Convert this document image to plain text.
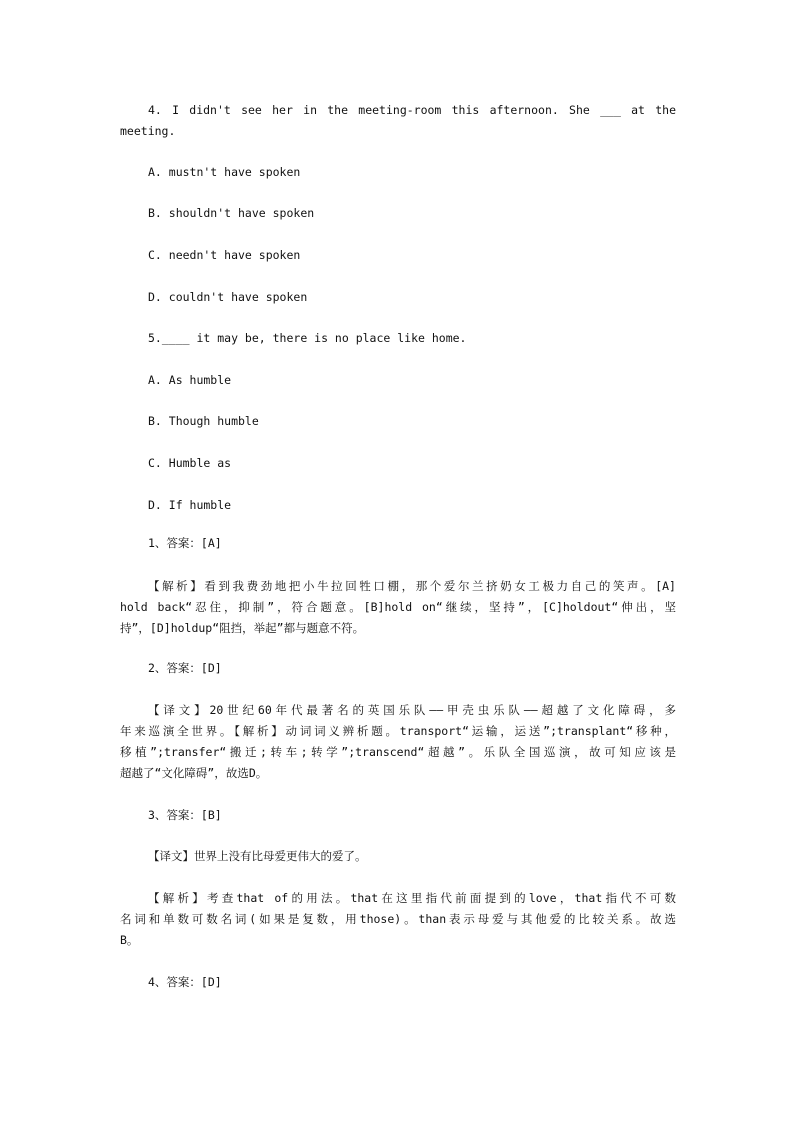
4. I didn't see her in the meeting-room this afternoon. She ___ at the
meeting.
A. mustn't have spoken
B. shouldn't have spoken
C. needn't have spoken
D. couldn't have spoken
5.____ it may be, there is no place like home.
A. As humble
B. Though humble
C. Humble as
D. If humble
1、答案：[A]
【解析】看到我费劲地把小牛拉回牲口棚，那个爱尔兰挤奶女工极力自己的笑声。[A]
hold back“忍住，抑制”，符合题意。[B]hold on“继续，坚持”，[C]holdout“伸出，坚
持”，[D]holdup“阻挡，举起”都与题意不符。
2、答案：[D]
【译文】20世纪60年代最著名的英国乐队——甲壳虫乐队——超越了文化障碍，多
年来巡演全世界。【解析】动词词义辨析题。transport“运输，运送”;transplant“移种，
移植”;transfer“搬迁;转车;转学”;transcend“超越”。乐队全国巡演，故可知应该是
超越了“文化障碍”，故选D。
3、答案：[B]
【译文】世界上没有比母爱更伟大的爱了。
【解析】考查that of的用法。that在这里指代前面提到的love，that指代不可数
名词和单数可数名词(如果是复数，用those)。than表示母爱与其他爱的比较关系。故选
B。
4、答案：[D]
